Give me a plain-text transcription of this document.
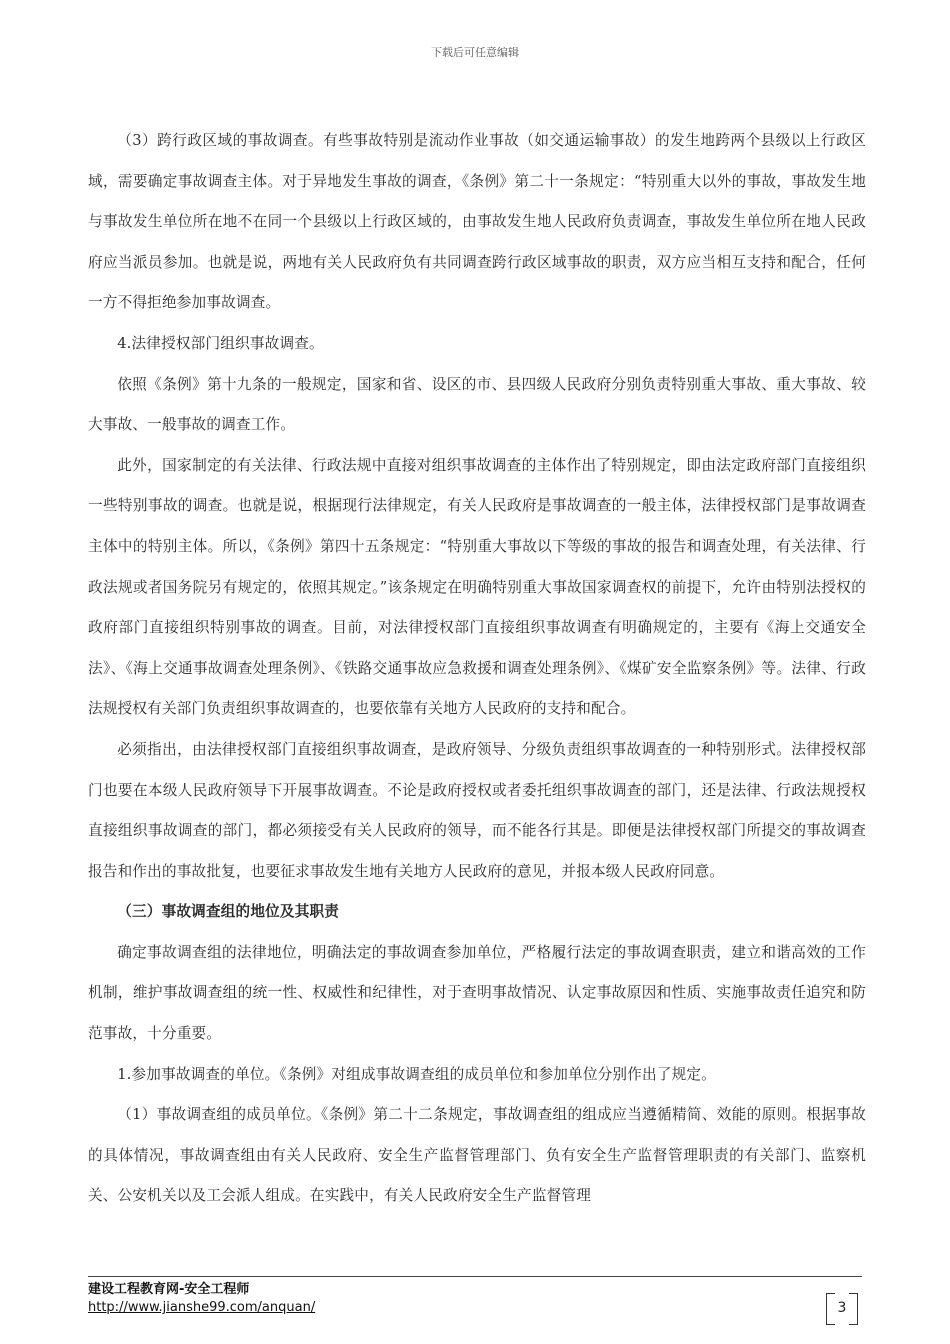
下载后可任意编辑

（3）跨行政区域的事故调查。有些事故特别是流动作业事故（如交通运输事故）的发生地跨两个县级以上行政区域，需要确定事故调查主体。对于异地发生事故的调查，《条例》第二十一条规定：“特别重大以外的事故，事故发生地与事故发生单位所在地不在同一个县级以上行政区域的，由事故发生地人民政府负责调查，事故发生单位所在地人民政府应当派员参加。也就是说，两地有关人民政府负有共同调查跨行政区域事故的职责，双方应当相互支持和配合，任何一方不得拒绝参加事故调查。

4.法律授权部门组织事故调查。

依照《条例》第十九条的一般规定，国家和省、设区的市、县四级人民政府分别负责特别重大事故、重大事故、较大事故、一般事故的调查工作。

此外，国家制定的有关法律、行政法规中直接对组织事故调查的主体作出了特别规定，即由法定政府部门直接组织一些特别事故的调查。也就是说，根据现行法律规定，有关人民政府是事故调查的一般主体，法律授权部门是事故调查主体中的特别主体。所以，《条例》第四十五条规定：“特别重大事故以下等级的事故的报告和调查处理，有关法律、行政法规或者国务院另有规定的，依照其规定。”该条规定在明确特别重大事故国家调查权的前提下，允许由特别法授权的政府部门直接组织特别事故的调查。目前，对法律授权部门直接组织事故调查有明确规定的，主要有《海上交通安全法》、《海上交通事故调查处理条例》、《铁路交通事故应急救援和调查处理条例》、《煤矿安全监察条例》等。法律、行政法规授权有关部门负责组织事故调查的，也要依靠有关地方人民政府的支持和配合。

必须指出，由法律授权部门直接组织事故调查，是政府领导、分级负责组织事故调查的一种特别形式。法律授权部门也要在本级人民政府领导下开展事故调查。不论是政府授权或者委托组织事故调查的部门，还是法律、行政法规授权直接组织事故调查的部门，都必须接受有关人民政府的领导，而不能各行其是。即便是法律授权部门所提交的事故调查报告和作出的事故批复，也要征求事故发生地有关地方人民政府的意见，并报本级人民政府同意。

（三）事故调查组的地位及其职责

确定事故调查组的法律地位，明确法定的事故调查参加单位，严格履行法定的事故调查职责，建立和谐高效的工作机制，维护事故调查组的统一性、权威性和纪律性，对于查明事故情况、认定事故原因和性质、实施事故责任追究和防范事故，十分重要。

1.参加事故调查的单位。《条例》对组成事故调查组的成员单位和参加单位分别作出了规定。

（1）事故调查组的成员单位。《条例》第二十二条规定，事故调查组的组成应当遵循精简、效能的原则。根据事故的具体情况，事故调查组由有关人民政府、安全生产监督管理部门、负有安全生产监督管理职责的有关部门、监察机关、公安机关以及工会派人组成。在实践中，有关人民政府安全生产监督管理

建设工程教育网-安全工程师
http://www.jianshe99.com/anquan/	3
